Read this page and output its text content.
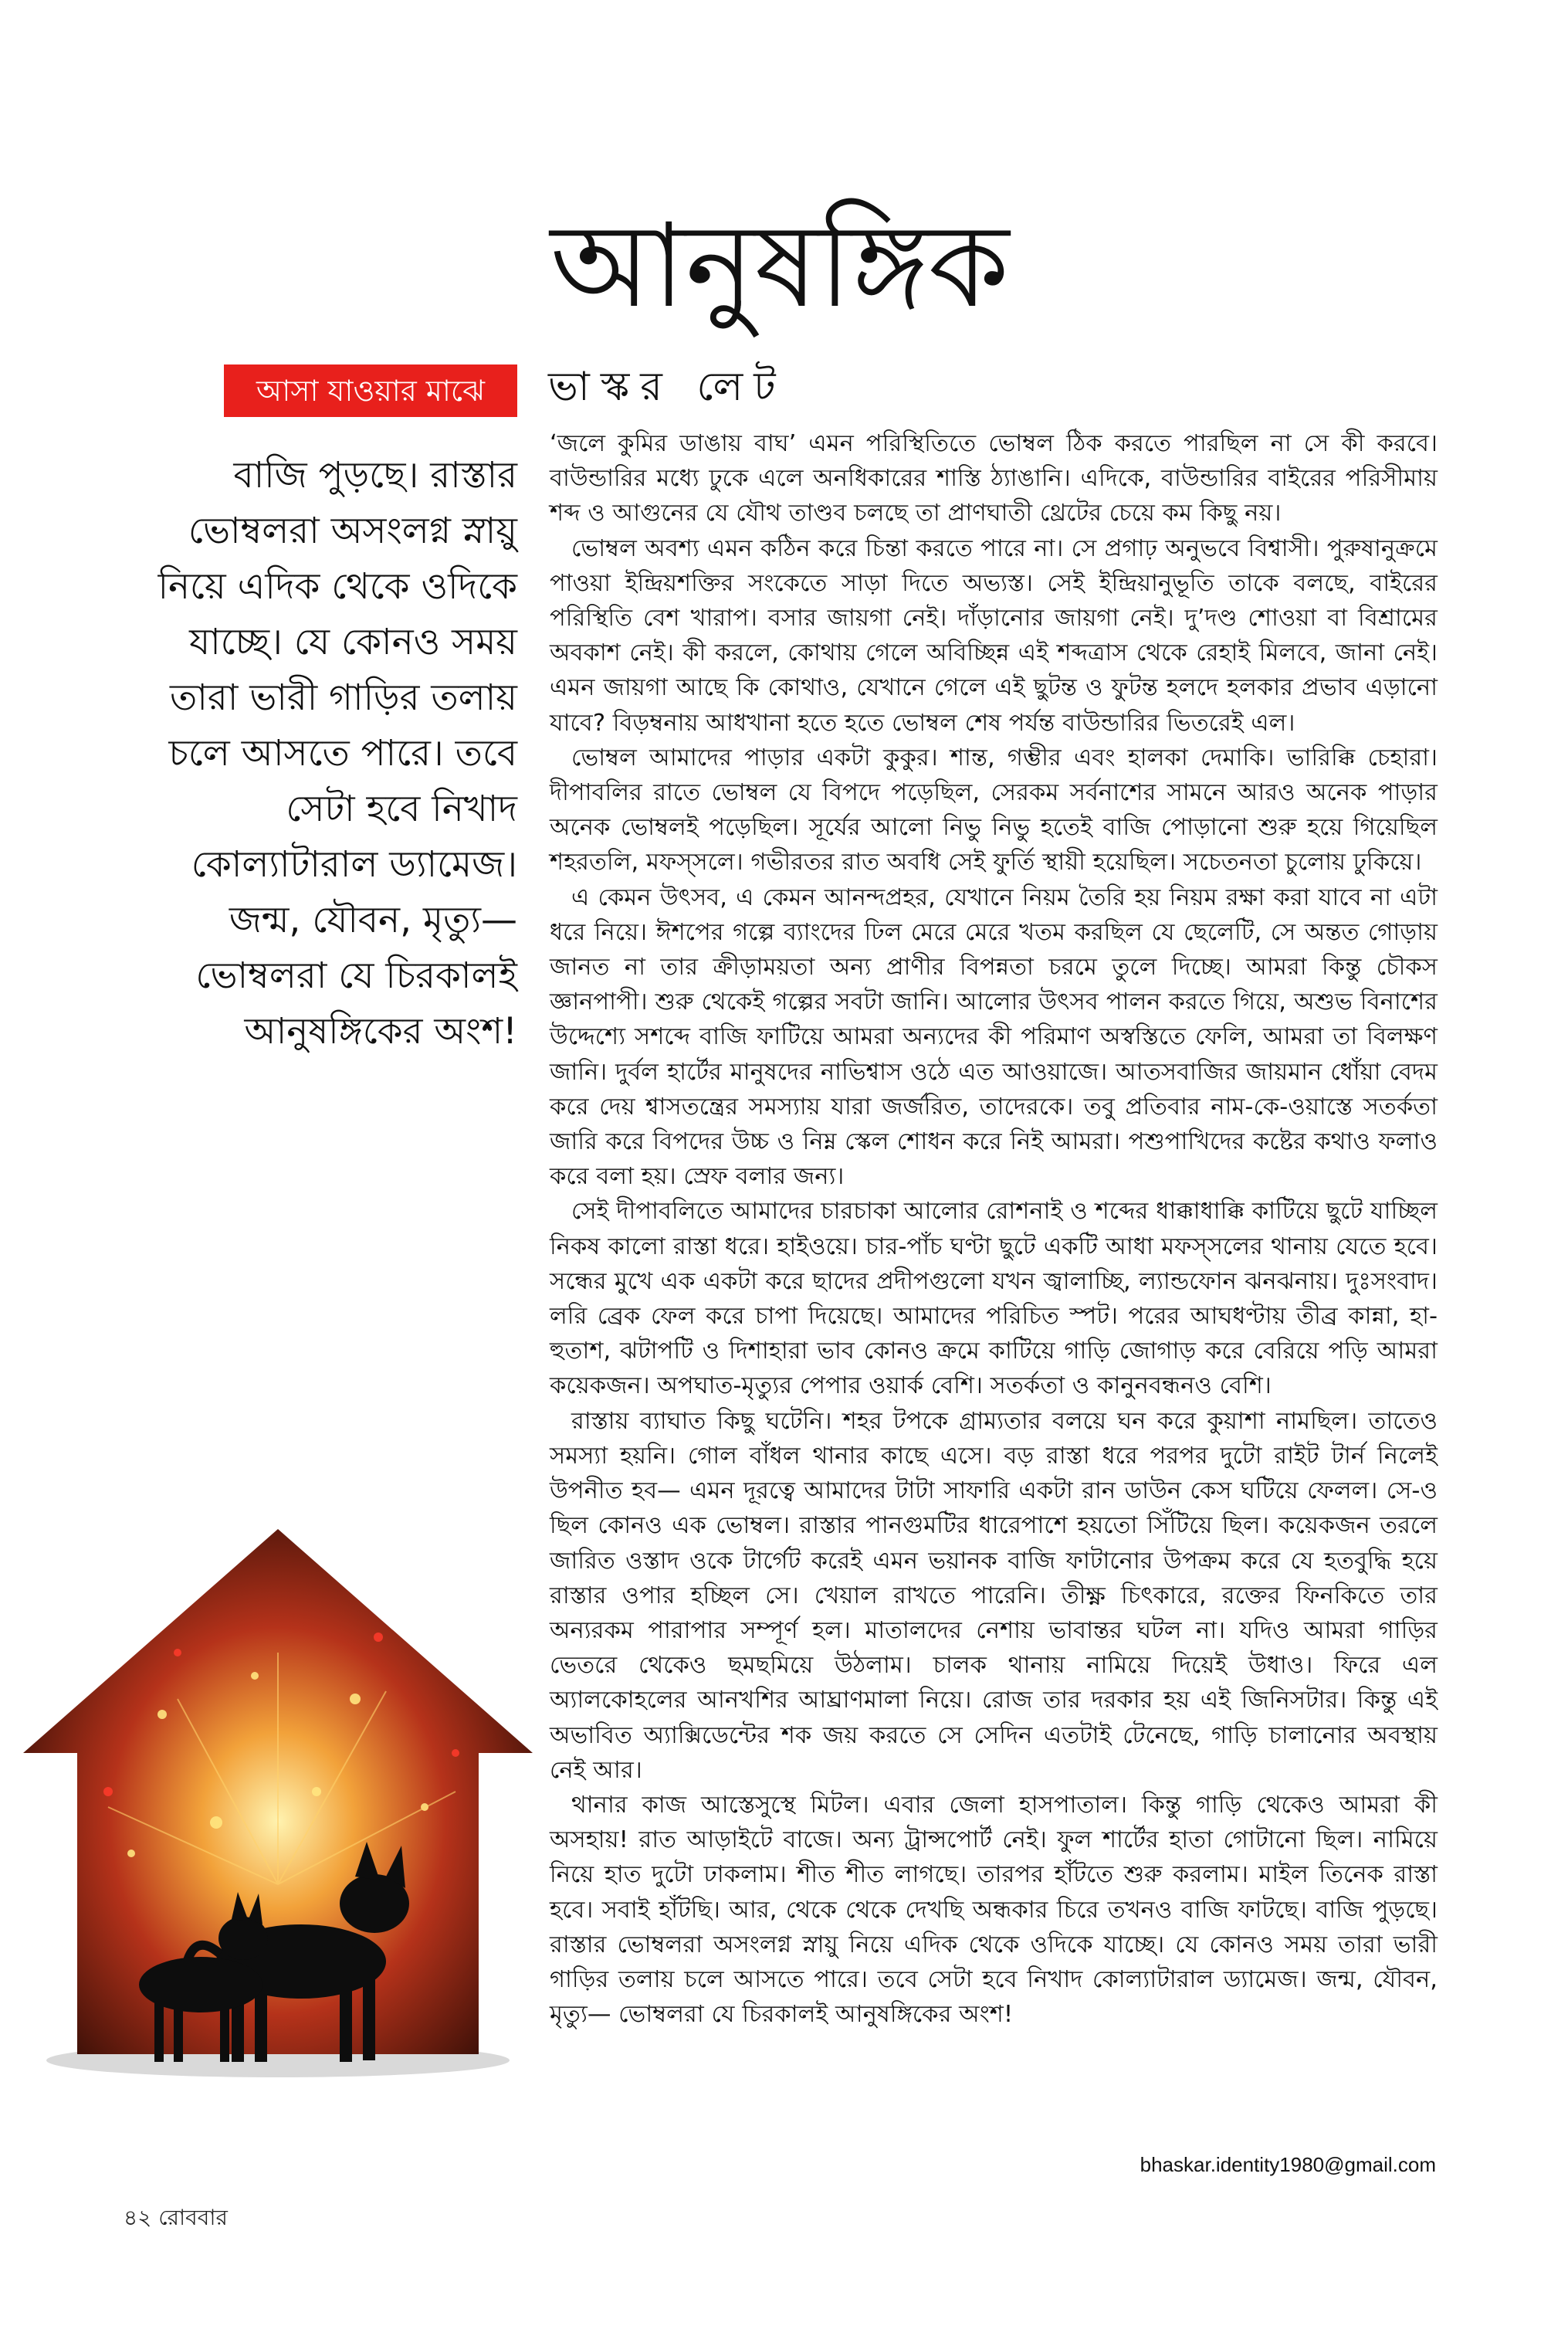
আনুষঙ্গিক
ভাস্কর লেট
আসা যাওয়ার মাঝে

বাজি পুড়ছে। রাস্তার ভোম্বলরা অসংলগ্ন স্নায়ু নিয়ে এদিক থেকে ওদিকে যাচ্ছে। যে কোনও সময় তারা ভারী গাড়ির তলায় চলে আসতে পারে। তবে সেটা হবে নিখাদ কোল্যাটারাল ড্যামেজ। জন্ম, যৌবন, মৃত্যু— ভোম্বলরা যে চিরকালই আনুষঙ্গিকের অংশ!

‘জলে কুমির ডাঙায় বাঘ’ এমন পরিস্থিতিতে ভোম্বল ঠিক করতে পারছিল না সে কী করবে। বাউন্ডারির মধ্যে ঢুকে এলে অনধিকারের শাস্তি ঠ্যাঙানি। এদিকে, বাউন্ডারির বাইরের পরিসীমায় শব্দ ও আগুনের যে যৌথ তাণ্ডব চলছে তা প্রাণঘাতী থ্রেটের চেয়ে কম কিছু নয়।

ভোম্বল অবশ্য এমন কঠিন করে চিন্তা করতে পারে না। সে প্রগাঢ় অনুভবে বিশ্বাসী। পুরুষানুক্রমে পাওয়া ইন্দ্রিয়শক্তির সংকেতে সাড়া দিতে অভ্যস্ত। সেই ইন্দ্রিয়ানুভূতি তাকে বলছে, বাইরের পরিস্থিতি বেশ খারাপ। বসার জায়গা নেই। দাঁড়ানোর জায়গা নেই। দু’দণ্ড শোওয়া বা বিশ্রামের অবকাশ নেই। কী করলে, কোথায় গেলে অবিচ্ছিন্ন এই শব্দত্রাস থেকে রেহাই মিলবে, জানা নেই। এমন জায়গা আছে কি কোথাও, যেখানে গেলে এই ছুটন্ত ও ফুটন্ত হলদে হলকার প্রভাব এড়ানো যাবে? বিড়ম্বনায় আধখানা হতে হতে ভোম্বল শেষ পর্যন্ত বাউন্ডারির ভিতরেই এল।

ভোম্বল আমাদের পাড়ার একটা কুকুর। শান্ত, গম্ভীর এবং হালকা দেমাকি। ভারিক্কি চেহারা। দীপাবলির রাতে ভোম্বল যে বিপদে পড়েছিল, সেরকম সর্বনাশের সামনে আরও অনেক পাড়ার অনেক ভোম্বলই পড়েছিল। সূর্যের আলো নিভু নিভু হতেই বাজি পোড়ানো শুরু হয়ে গিয়েছিল শহরতলি, মফস্সলে। গভীরতর রাত অবধি সেই ফুর্তি স্থায়ী হয়েছিল। সচেতনতা চুলোয় ঢুকিয়ে।

এ কেমন উৎসব, এ কেমন আনন্দপ্রহর, যেখানে নিয়ম তৈরি হয় নিয়ম রক্ষা করা যাবে না এটা ধরে নিয়ে। ঈশপের গল্পে ব্যাংদের ঢিল মেরে মেরে খতম করছিল যে ছেলেটি, সে অন্তত গোড়ায় জানত না তার ক্রীড়াময়তা অন্য প্রাণীর বিপন্নতা চরমে তুলে দিচ্ছে। আমরা কিন্তু চৌকস জ্ঞানপাপী। শুরু থেকেই গল্পের সবটা জানি। আলোর উৎসব পালন করতে গিয়ে, অশুভ বিনাশের উদ্দেশ্যে সশব্দে বাজি ফাটিয়ে আমরা অন্যদের কী পরিমাণ অস্বস্তিতে ফেলি, আমরা তা বিলক্ষণ জানি। দুর্বল হার্টের মানুষদের নাভিশ্বাস ওঠে এত আওয়াজে। আতসবাজির জায়মান ধোঁয়া বেদম করে দেয় শ্বাসতন্ত্রের সমস্যায় যারা জর্জরিত, তাদেরকে। তবু প্রতিবার নাম-কে-ওয়াস্তে সতর্কতা জারি করে বিপদের উচ্চ ও নিম্ন স্কেল শোধন করে নিই আমরা। পশুপাখিদের কষ্টের কথাও ফলাও করে বলা হয়। স্রেফ বলার জন্য।

সেই দীপাবলিতে আমাদের চারচাকা আলোর রোশনাই ও শব্দের ধাক্কাধাক্কি কাটিয়ে ছুটে যাচ্ছিল নিকষ কালো রাস্তা ধরে। হাইওয়ে। চার-পাঁচ ঘণ্টা ছুটে একটি আধা মফস্সলের থানায় যেতে হবে। সন্ধের মুখে এক একটা করে ছাদের প্রদীপগুলো যখন জ্বালাচ্ছি, ল্যান্ডফোন ঝনঝনায়। দুঃসংবাদ। লরি ব্রেক ফেল করে চাপা দিয়েছে। আমাদের পরিচিত স্পট। পরের আঘধণ্টায় তীব্র কান্না, হা-হুতাশ, ঝটাপটি ও দিশাহারা ভাব কোনও ক্রমে কাটিয়ে গাড়ি জোগাড় করে বেরিয়ে পড়ি আমরা কয়েকজন। অপঘাত-মৃত্যুর পেপার ওয়ার্ক বেশি। সতর্কতা ও কানুনবন্ধনও বেশি।

রাস্তায় ব্যাঘাত কিছু ঘটেনি। শহর টপকে গ্রাম্যতার বলয়ে ঘন করে কুয়াশা নামছিল। তাতেও সমস্যা হয়নি। গোল বাঁধল থানার কাছে এসে। বড় রাস্তা ধরে পরপর দুটো রাইট টার্ন নিলেই উপনীত হব— এমন দূরত্বে আমাদের টাটা সাফারি একটা রান ডাউন কেস ঘটিয়ে ফেলল। সে-ও ছিল কোনও এক ভোম্বল। রাস্তার পানগুমটির ধারেপাশে হয়তো সিঁটিয়ে ছিল। কয়েকজন তরলে জারিত ওস্তাদ ওকে টার্গেট করেই এমন ভয়ানক বাজি ফাটানোর উপক্রম করে যে হতবুদ্ধি হয়ে রাস্তার ওপার হচ্ছিল সে। খেয়াল রাখতে পারেনি। তীক্ষ্ণ চিৎকারে, রক্তের ফিনকিতে তার অন্যরকম পারাপার সম্পূর্ণ হল। মাতালদের নেশায় ভাবান্তর ঘটল না। যদিও আমরা গাড়ির ভেতরে থেকেও ছমছমিয়ে উঠলাম। চালক থানায় নামিয়ে দিয়েই উধাও। ফিরে এল অ্যালকোহলের আনখশির আঘ্রাণমালা নিয়ে। রোজ তার দরকার হয় এই জিনিসটার। কিন্তু এই অভাবিত অ্যাক্সিডেন্টের শক জয় করতে সে সেদিন এতটাই টেনেছে, গাড়ি চালানোর অবস্থায় নেই আর।

থানার কাজ আস্তেসুস্থে মিটল। এবার জেলা হাসপাতাল। কিন্তু গাড়ি থেকেও আমরা কী অসহায়! রাত আড়াইটে বাজে। অন্য ট্রান্সপোর্ট নেই। ফুল শার্টের হাতা গোটানো ছিল। নামিয়ে নিয়ে হাত দুটো ঢাকলাম। শীত শীত লাগছে। তারপর হাঁটতে শুরু করলাম। মাইল তিনেক রাস্তা হবে। সবাই হাঁটছি। আর, থেকে থেকে দেখছি অন্ধকার চিরে তখনও বাজি ফাটছে। বাজি পুড়ছে। রাস্তার ভোম্বলরা অসংলগ্ন স্নায়ু নিয়ে এদিক থেকে ওদিকে যাচ্ছে। যে কোনও সময় তারা ভারী গাড়ির তলায় চলে আসতে পারে। তবে সেটা হবে নিখাদ কোল্যাটারাল ড্যামেজ। জন্ম, যৌবন, মৃত্যু— ভোম্বলরা যে চিরকালই আনুষঙ্গিকের অংশ!

bhaskar.identity1980@gmail.com
৪২ রোববার
